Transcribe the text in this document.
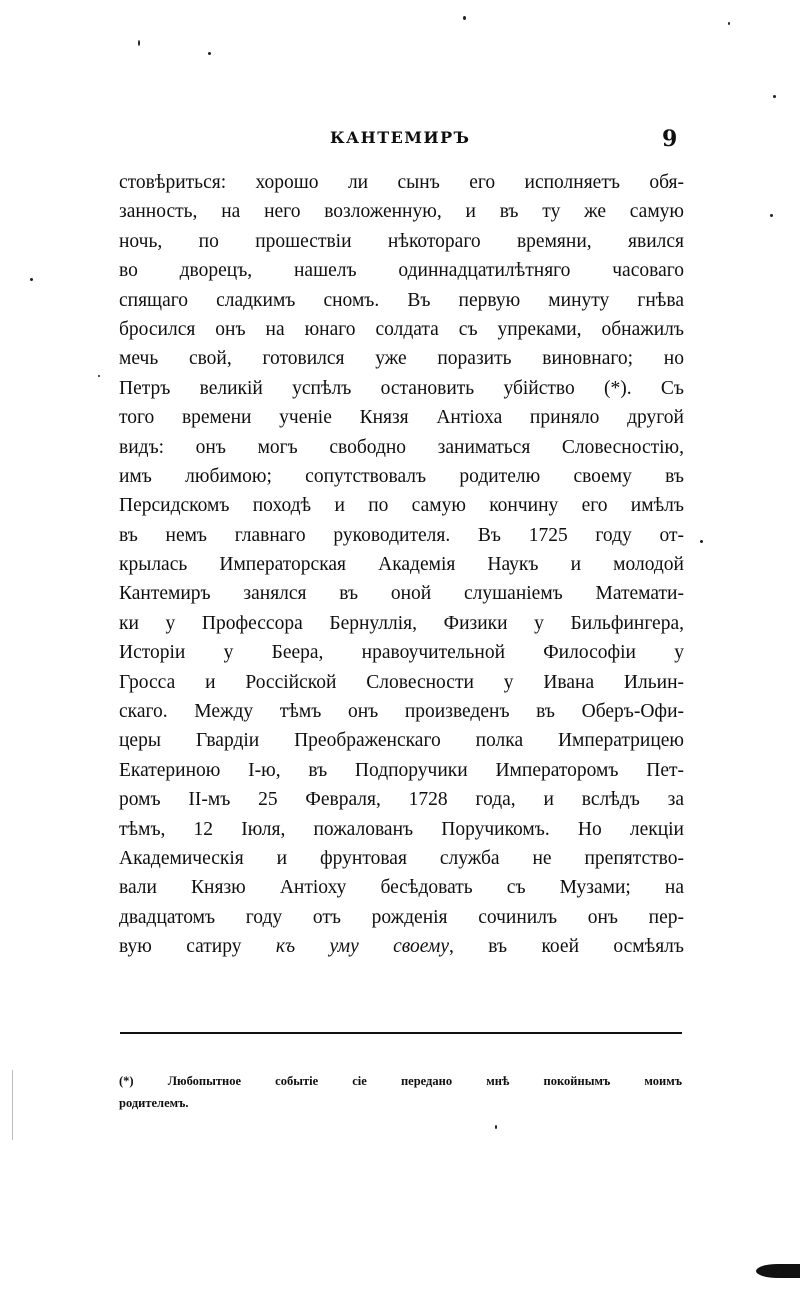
КАНТЕМИРЪ	9
стовѣриться: хорошо ли сынъ его исполняетъ обя-
занность, на него возложенную, и въ ту же самую
ночь, по прошествіи нѣкотораго времяни, явился
во дворецъ, нашелъ одиннадцатилѣтняго часоваго
спящаго сладкимъ сномъ. Въ первую минуту гнѣва
бросился онъ на юнаго солдата съ упреками, обнажилъ
мечь свой, готовился уже поразить виновнаго; но
Петръ великій успѣлъ остановить убійство (*). Съ
того времени ученіе Князя Антіоха приняло другой
видъ: онъ могъ свободно заниматься Словесностію,
имъ любимою; сопутствовалъ родителю своему въ
Персидскомъ походѣ и по самую кончину его имѣлъ
въ немъ главнаго руководителя. Въ 1725 году от-
крылась Императорская Академія Наукъ и молодой
Кантемиръ занялся въ оной слушаніемъ Математи-
ки у Профессора Бернуллія, Физики у Бильфингера,
Исторіи у Беера, нравоучительной Философіи у
Гросса и Россійской Словесности у Ивана Ильин-
скаго. Между тѣмъ онъ произведенъ въ Оберъ-Офи-
церы Гвардіи Преображенскаго полка Императрицею
Екатериною І-ю, въ Подпоручики Императоромъ Пет-
ромъ ІІ-мъ 25 Февраля, 1728 года, и вслѣдъ за
тѣмъ, 12 Іюля, пожалованъ Поручикомъ. Но лекціи
Академическія и фрунтовая служба не препятство-
вали Князю Антіоху бесѣдовать съ Музами; на
двадцатомъ году отъ рожденія сочинилъ онъ пер-
вую сатиру къ уму своему, въ коей осмѣялъ
(*) Любопытное событіе сіе передано мнѣ покойнымъ моимъ
родителемъ.
